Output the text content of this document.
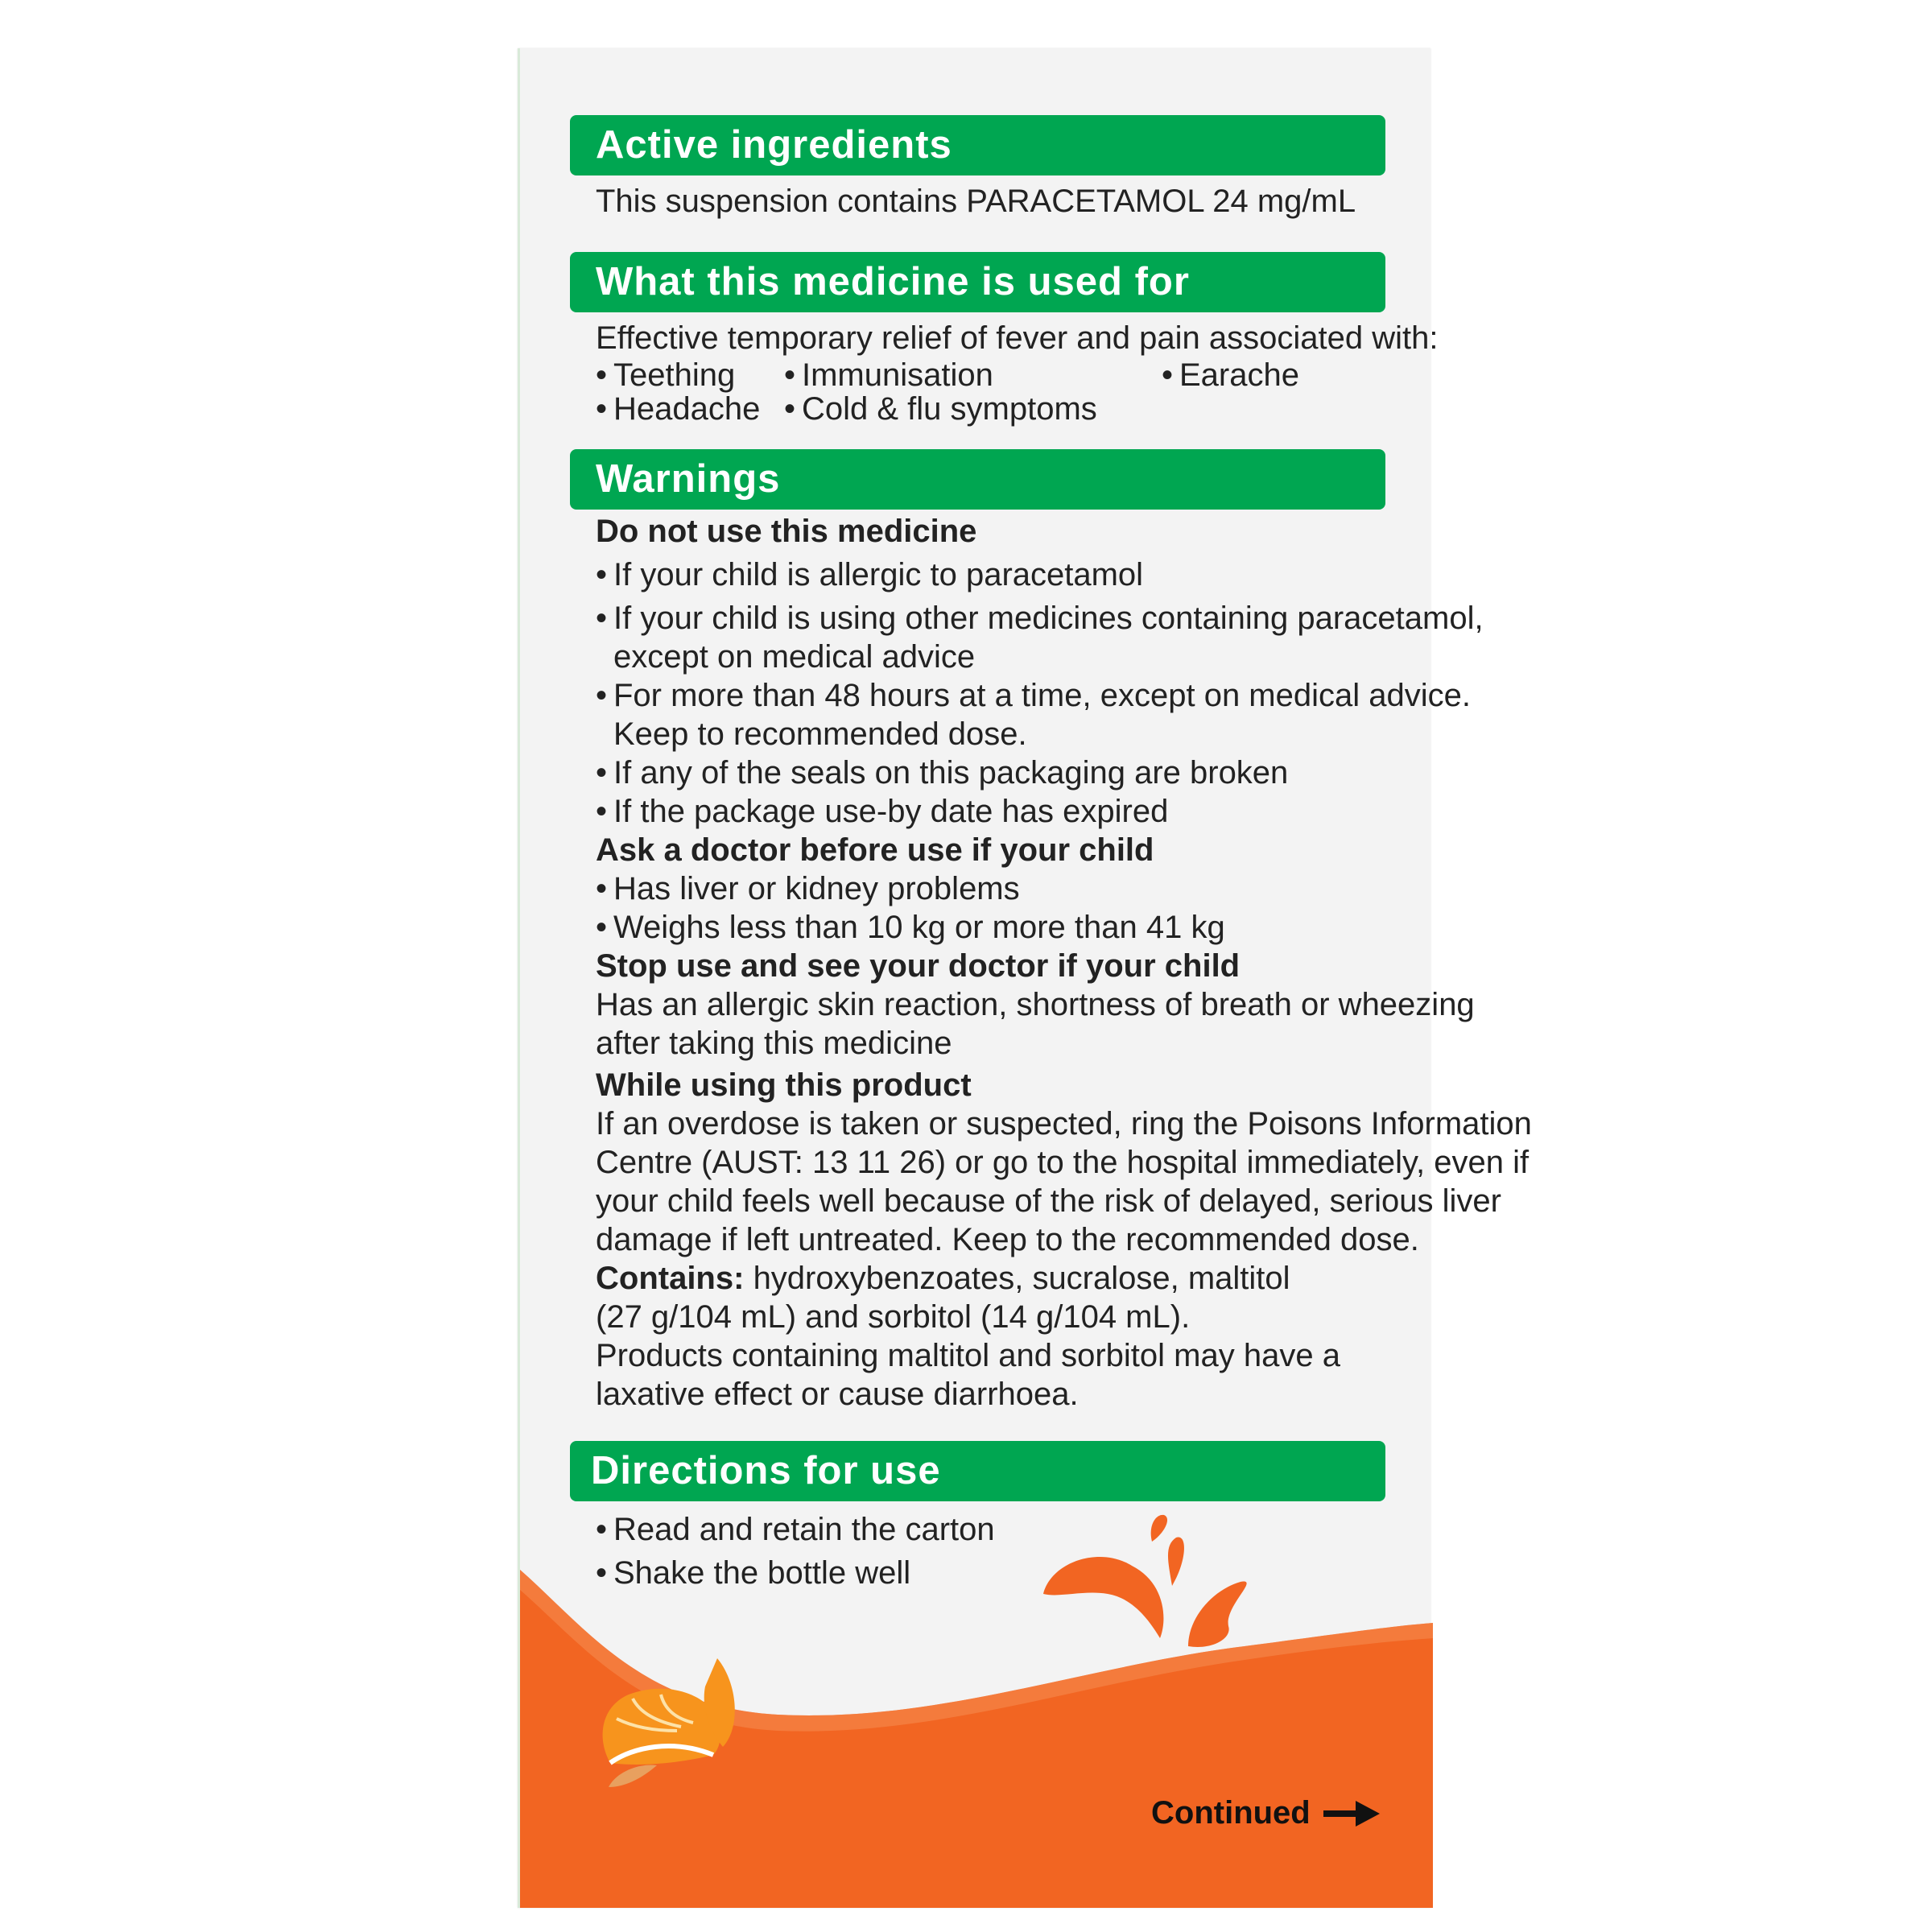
Active ingredients
This suspension contains PARACETAMOL 24 mg/mL
What this medicine is used for
Effective temporary relief of fever and pain associated with:
• Teething • Immunisation	• Earache
• Headache • Cold & flu symptoms
Warnings
Do not use this medicine
• If your child is allergic to paracetamol
• If your child is using other medicines containing paracetamol,
except on medical advice
• For more than 48 hours at a time, except on medical advice.
Keep to recommended dose.
• If any of the seals on this packaging are broken
• If the package use-by date has expired
Ask a doctor before use if your child
• Has liver or kidney problems
• Weighs less than 10 kg or more than 41 kg
Stop use and see your doctor if your child
Has an allergic skin reaction, shortness of breath or wheezing
after taking this medicine
While using this product
If an overdose is taken or suspected, ring the Poisons Information
Centre (AUST: 13 11 26) or go to the hospital immediately, even if
your child feels well because of the risk of delayed, serious liver
damage if left untreated. Keep to the recommended dose.
Contains: hydroxybenzoates, sucralose, maltitol
(27 g/104 mL) and sorbitol (14 g/104 mL).
Products containing maltitol and sorbitol may have a
laxative effect or cause diarrhoea.
Directions for use
• Read and retain the carton
• Shake the bottle well
Continued
